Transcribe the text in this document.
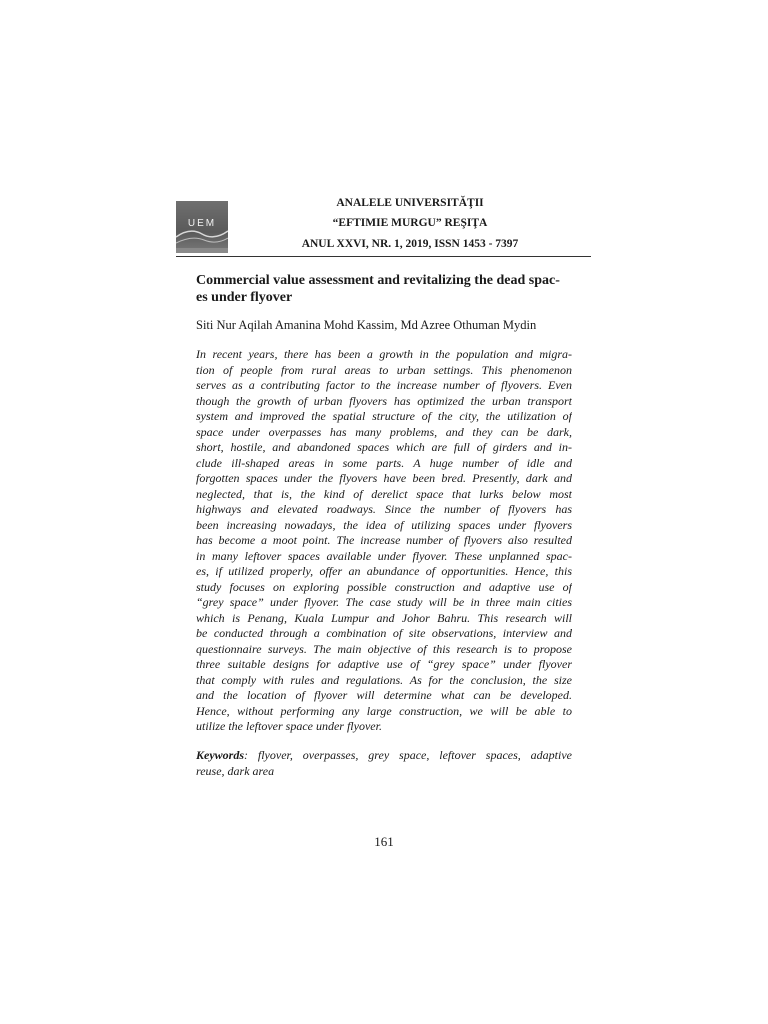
UEM
ANALELE UNIVERSITĂŢII
“EFTIMIE MURGU” REŞIŢA
ANUL XXVI, NR. 1, 2019, ISSN 1453 - 7397
Commercial value assessment and revitalizing the dead spac-
es under flyover
Siti Nur Aqilah Amanina Mohd Kassim, Md Azree Othuman Mydin
In recent years, there has been a growth in the population and migra-
tion of people from rural areas to urban settings. This phenomenon
serves as a contributing factor to the increase number of flyovers. Even
though the growth of urban flyovers has optimized the urban transport
system and improved the spatial structure of the city, the utilization of
space under overpasses has many problems, and they can be dark,
short, hostile, and abandoned spaces which are full of girders and in-
clude ill-shaped areas in some parts. A huge number of idle and
forgotten spaces under the flyovers have been bred. Presently, dark and
neglected, that is, the kind of derelict space that lurks below most
highways and elevated roadways. Since the number of flyovers has
been increasing nowadays, the idea of utilizing spaces under flyovers
has become a moot point. The increase number of flyovers also resulted
in many leftover spaces available under flyover. These unplanned spac-
es, if utilized properly, offer an abundance of opportunities. Hence, this
study focuses on exploring possible construction and adaptive use of
“grey space” under flyover. The case study will be in three main cities
which is Penang, Kuala Lumpur and Johor Bahru. This research will
be conducted through a combination of site observations, interview and
questionnaire surveys. The main objective of this research is to propose
three suitable designs for adaptive use of “grey space” under flyover
that comply with rules and regulations. As for the conclusion, the size
and the location of flyover will determine what can be developed.
Hence, without performing any large construction, we will be able to
utilize the leftover space under flyover.
Keywords: flyover, overpasses, grey space, leftover spaces, adaptive
reuse, dark area
161
